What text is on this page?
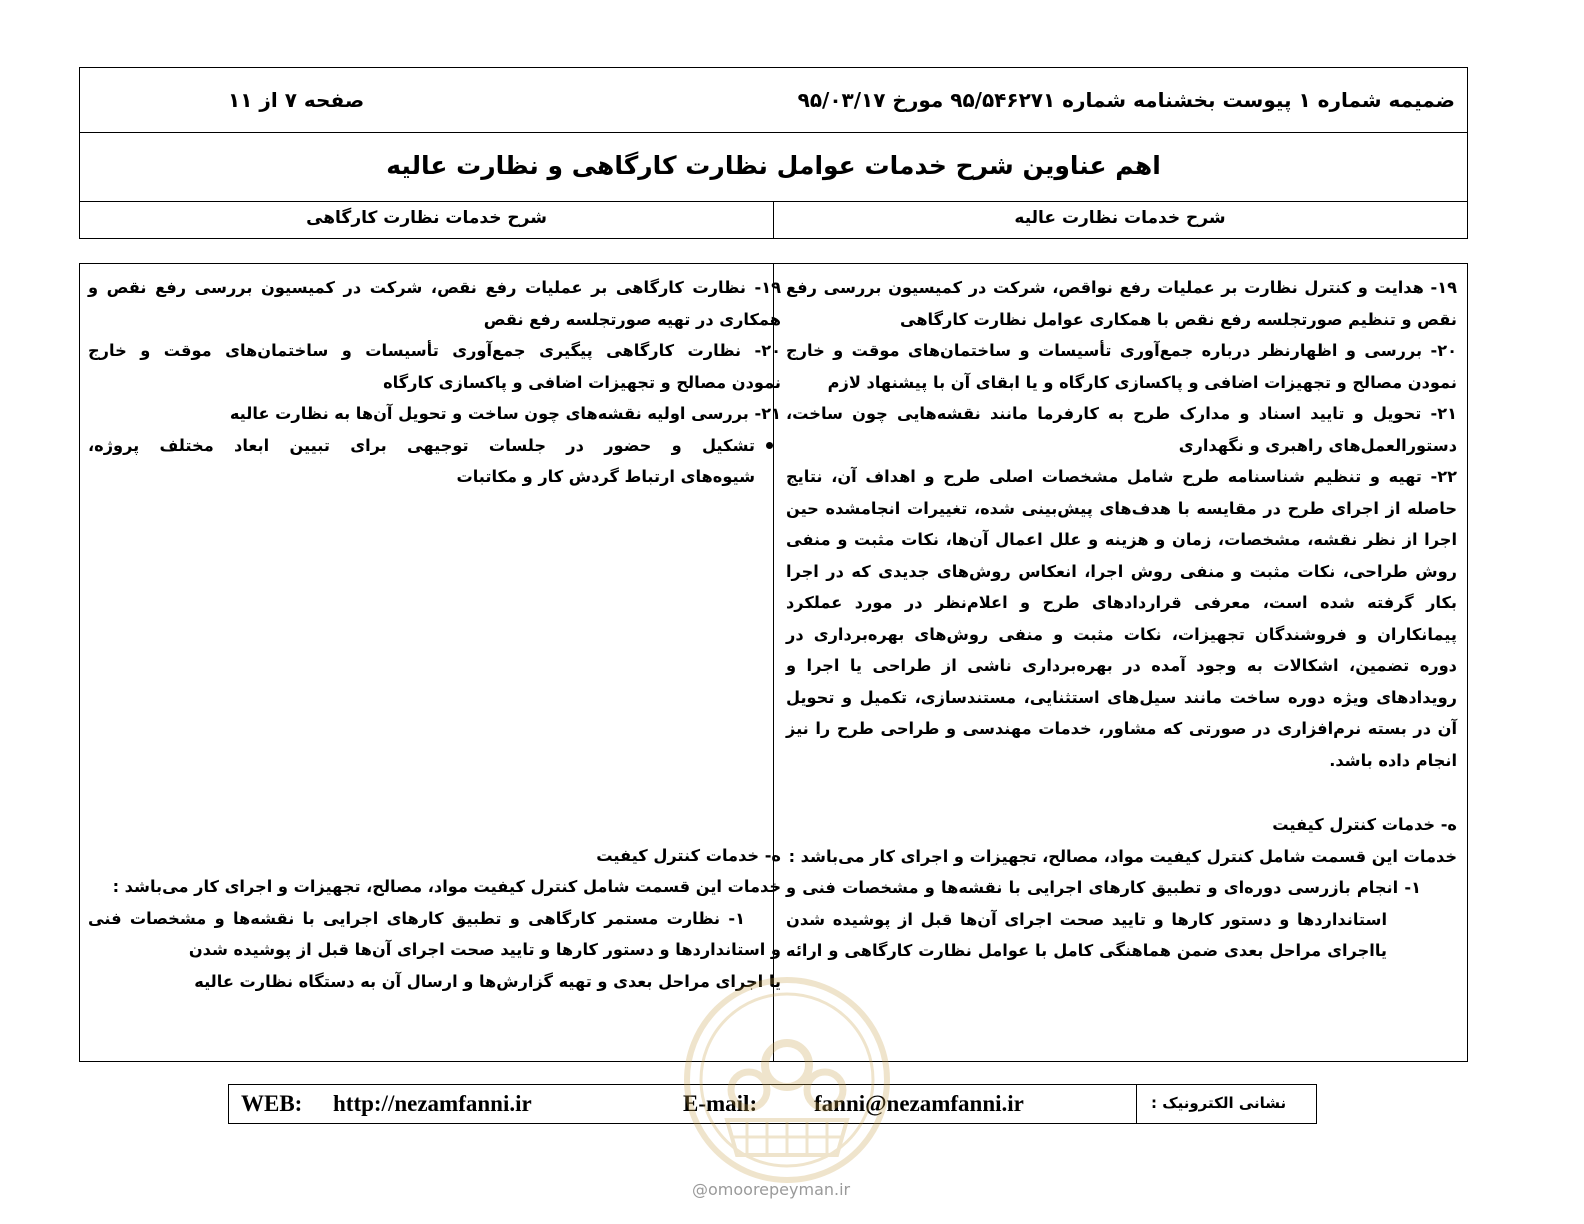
ضمیمه شماره ۱ پیوست بخشنامه شماره ۹۵/۵۴۶۲۷۱ مورخ ۹۵/۰۳/۱۷
صفحه ۷ از ۱۱
اهم عناوین شرح خدمات عوامل نظارت کارگاهی و نظارت عالیه
شرح خدمات نظارت عالیه
شرح خدمات نظارت کارگاهی
۱۹- هدایت و کنترل نظارت بر عملیات رفع نواقص، شرکت در کمیسیون بررسی رفع
نقص و تنظیم صورتجلسه رفع نقص با همکاری عوامل نظارت کارگاهی
۲۰- بررسی و اظهارنظر درباره جمع‌آوری تأسیسات و ساختمان‌های موقت و خارج
نمودن مصالح و تجهیزات اضافی و پاکسازی کارگاه و یا ابقای آن با پیشنهاد لازم
۲۱- تحویل و تایید اسناد و مدارک طرح به کارفرما مانند نقشه‌هایی چون ساخت،
دستورالعمل‌های راهبری و نگهداری
۲۲- تهیه و تنظیم شناسنامه طرح شامل مشخصات اصلی طرح و اهداف آن، نتایج
حاصله از اجرای طرح در مقایسه با هدف‌های پیش‌بینی شده، تغییرات انجامشده حین
اجرا از نظر نقشه، مشخصات، زمان و هزینه و علل اعمال آن‌ها، نکات مثبت و منفی
روش طراحی، نکات مثبت و منفی روش اجرا، انعکاس روش‌های جدیدی که در اجرا
بکار گرفته شده است، معرفی قراردادهای طرح و اعلام‌نظر در مورد عملکرد
پیمانکاران و فروشندگان تجهیزات، نکات مثبت و منفی روش‌های بهره‌برداری در
دوره تضمین، اشکالات به وجود آمده در بهره‌برداری ناشی از طراحی یا اجرا و
رویدادهای ویژه دوره ساخت مانند سیل‌های استثنایی، مستندسازی، تکمیل و تحویل
آن در بسته نرم‌افزاری در صورتی که مشاور، خدمات مهندسی و طراحی طرح را نیز
انجام داده باشد.
ه- خدمات کنترل کیفیت
خدمات این قسمت شامل کنترل کیفیت مواد، مصالح، تجهیزات و اجرای کار می‌باشد :
۱- انجام بازرسی دوره‌ای و تطبیق کارهای اجرایی با نقشه‌ها و مشخصات فنی و
استانداردها و دستور کارها و تایید صحت اجرای آن‌ها قبل از پوشیده شدن
یااجرای مراحل بعدی ضمن هماهنگی کامل با عوامل نظارت کارگاهی و ارائه
۱۹- نظارت کارگاهی بر عملیات رفع نقص، شرکت در کمیسیون بررسی رفع نقص و
همکاری در تهیه صورتجلسه رفع نقص
۲۰- نظارت کارگاهی پیگیری جمع‌آوری تأسیسات و ساختمان‌های موقت و خارج
نمودن مصالح و تجهیزات اضافی و پاکسازی کارگاه
۲۱- بررسی اولیه نقشه‌های چون ساخت و تحویل آن‌ها به نظارت عالیه
تشکیل و حضور در جلسات توجیهی برای تبیین ابعاد مختلف پروژه،
شیوه‌های ارتباط گردش کار و مکاتبات
ه- خدمات کنترل کیفیت
خدمات این قسمت شامل کنترل کیفیت مواد، مصالح، تجهیزات و اجرای کار می‌باشد :
۱- نظارت مستمر کارگاهی و تطبیق کارهای اجرایی با نقشه‌ها و مشخصات فنی
و استانداردها و دستور کارها و تایید صحت اجرای آن‌ها قبل از پوشیده شدن
یا اجرای مراحل بعدی و تهیه گزارش‌ها و ارسال آن به دستگاه نظارت عالیه
WEB: http://nezamfanni.ir	E-mail: fanni@nezamfanni.ir	نشانی الکترونیک :
@omoorepeyman.ir
